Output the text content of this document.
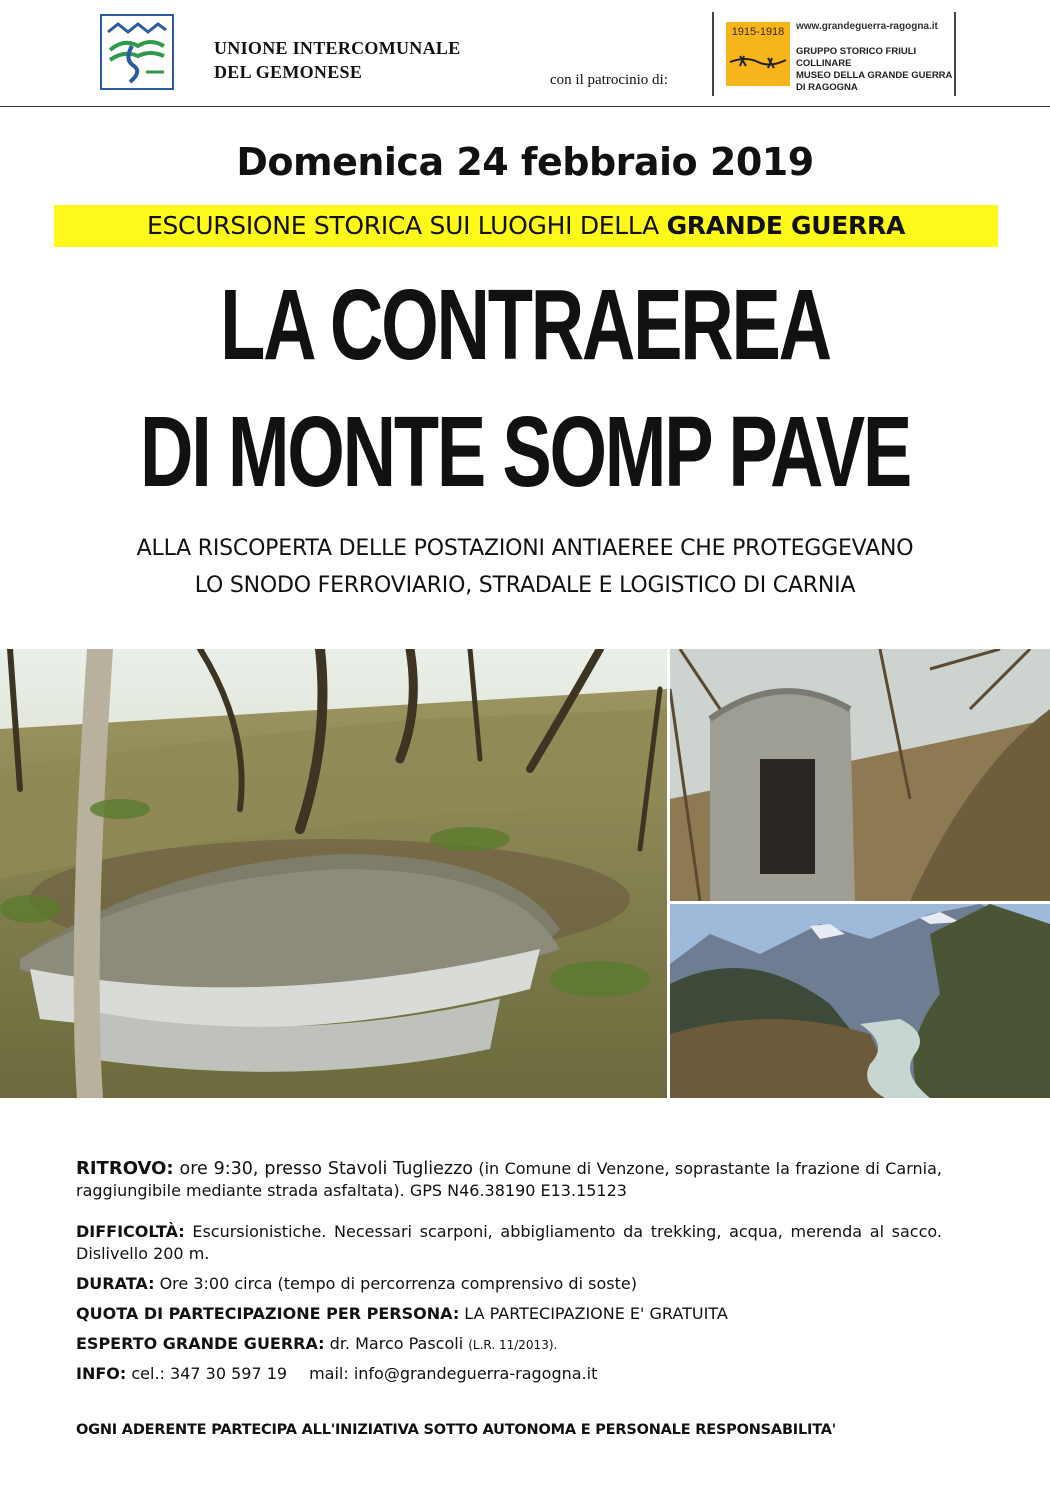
UNIONE INTERCOMUNALE
DEL GEMONESE	con il patrocinio di:
1915-1918	www.grandeguerra-ragogna.it
GRUPPO STORICO FRIULI COLLINARE
MUSEO DELLA GRANDE GUERRA
DI RAGOGNA
Domenica 24 febbraio 2019
ESCURSIONE STORICA SUI LUOGHI DELLA GRANDE GUERRA
LA CONTRAEREA
DI MONTE SOMP PAVE
ALLA RISCOPERTA DELLE POSTAZIONI ANTIAEREE CHE PROTEGGEVANO
LO SNODO FERROVIARIO, STRADALE E LOGISTICO DI CARNIA
RITROVO: ore 9:30, presso Stavoli Tugliezzo (in Comune di Venzone, soprastante la frazione di Carnia, raggiungibile mediante strada asfaltata). GPS N46.38190 E13.15123
DIFFICOLTÀ: Escursionistiche. Necessari scarponi, abbigliamento da trekking, acqua, merenda al sacco. Dislivello 200 m.
DURATA: Ore 3:00 circa (tempo di percorrenza comprensivo di soste)
QUOTA DI PARTECIPAZIONE PER PERSONA: LA PARTECIPAZIONE E' GRATUITA
ESPERTO GRANDE GUERRA: dr. Marco Pascoli (L.R. 11/2013).
INFO: cel.: 347 30 597 19 mail: info@grandeguerra-ragogna.it
OGNI ADERENTE PARTECIPA ALL'INIZIATIVA SOTTO AUTONOMA E PERSONALE RESPONSABILITA'
